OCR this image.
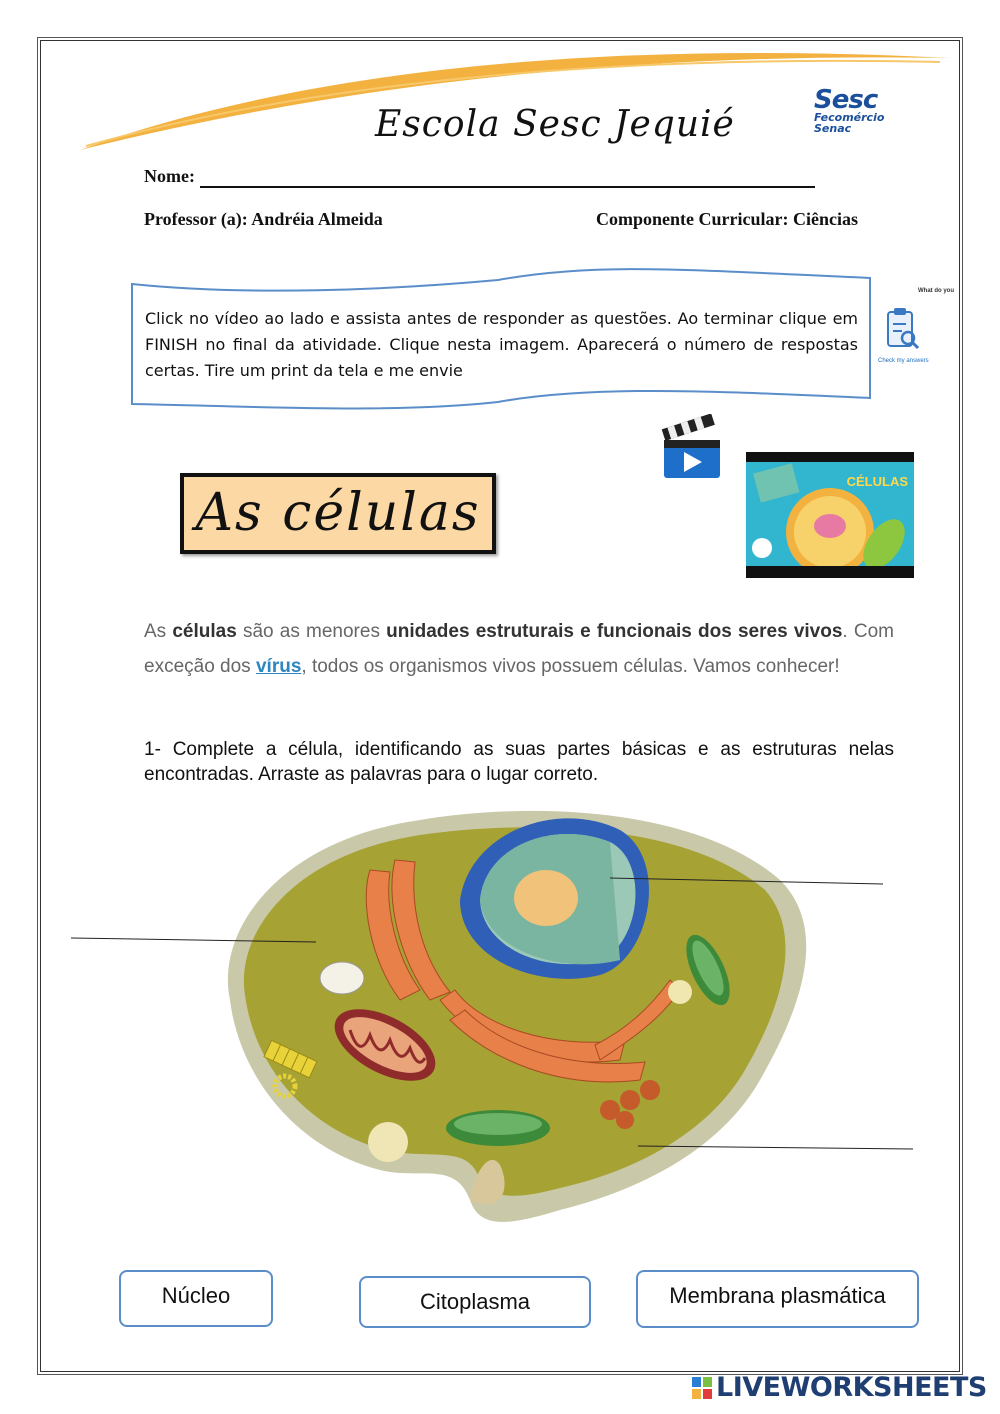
Escola Sesc Jequié
Sesc
Fecomércio
Senac
Nome:
Professor (a): Andréia Almeida	Componente Curricular: Ciências
Click no vídeo ao lado e assista antes de responder as questões. Ao terminar clique em FINISH no final da atividade. Clique nesta imagem. Aparecerá o número de respostas certas. Tire um print da tela e me envie
What do you
Check my answers
CÉLULAS
As células
As células são as menores unidades estruturais e funcionais dos seres vivos. Com exceção dos vírus, todos os organismos vivos possuem células. Vamos conhecer!
1- Complete a célula, identificando as suas partes básicas e as estruturas nelas encontradas. Arraste as palavras para o lugar correto.
Núcleo	Citoplasma	Membrana plasmática
LIVEWORKSHEETS
